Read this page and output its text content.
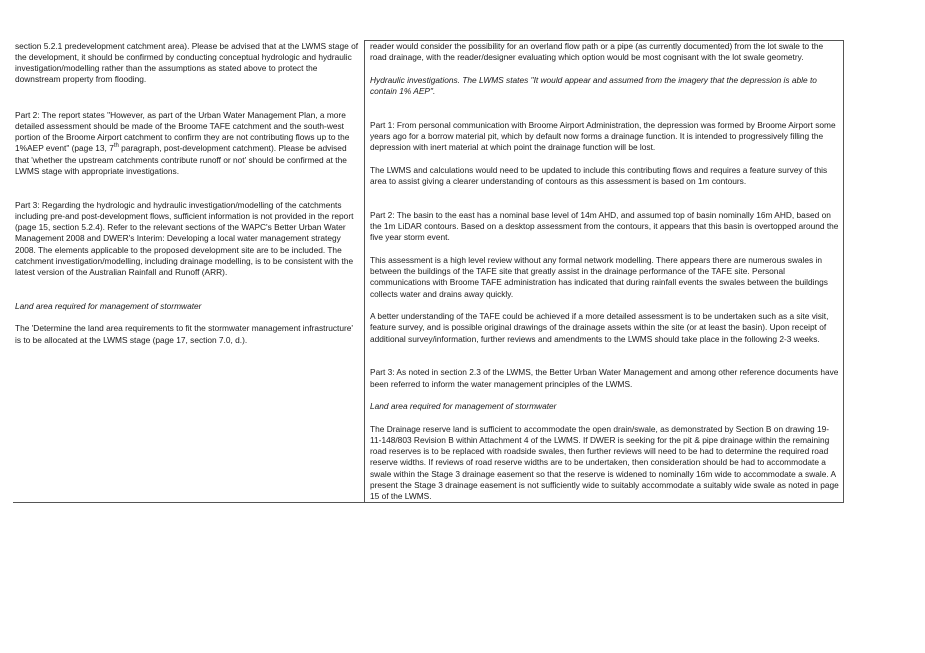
section 5.2.1 predevelopment catchment area). Please be advised that at the LWMS stage of the development, it should be confirmed by conducting conceptual hydrologic and hydraulic investigation/modelling rather than the assumptions as stated above to protect the downstream property from flooding.

Part 2: The report states "However, as part of the Urban Water Management Plan, a more detailed assessment should be made of the Broome TAFE catchment and the south-west portion of the Broome Airport catchment to confirm they are not contributing flows up to the 1%AEP event" (page 13, 7th paragraph, post-development catchment). Please be advised that 'whether the upstream catchments contribute runoff or not' should be confirmed at the LWMS stage with appropriate investigations.

Part 3: Regarding the hydrologic and hydraulic investigation/modelling of the catchments including pre-and post-development flows, sufficient information is not provided in the report (page 15, section 5.2.4). Refer to the relevant sections of the WAPC's Better Urban Water Management 2008 and DWER's Interim: Developing a local water management strategy 2008. The elements applicable to the proposed development site are to be included. The catchment investigation/modelling, including drainage modelling, is to be consistent with the latest version of the Australian Rainfall and Runoff (ARR).

Land area required for management of stormwater

The 'Determine the land area requirements to fit the stormwater management infrastructure' is to be allocated at the LWMS stage (page 17, section 7.0, d.).

reader would consider the possibility for an overland flow path or a pipe (as currently documented) from the lot swale to the road drainage, with the reader/designer evaluating which option would be most cognisant with the lot swale geometry.

Hydraulic investigations. The LWMS states "It would appear and assumed from the imagery that the depression is able to contain 1% AEP".

Part 1: From personal communication with Broome Airport Administration, the depression was formed by Broome Airport some years ago for a borrow material pit, which by default now forms a drainage function. It is intended to progressively filling the depression with inert material at which point the drainage function will be lost.

The LWMS and calculations would need to be updated to include this contributing flows and requires a feature survey of this area to assist giving a clearer understanding of contours as this assessment is based on 1m contours.

Part 2: The basin to the east has a nominal base level of 14m AHD, and assumed top of basin nominally 16m AHD, based on the 1m LiDAR contours. Based on a desktop assessment from the contours, it appears that this basin is overtopped around the five year storm event.

This assessment is a high level review without any formal network modelling. There appears there are numerous swales in between the buildings of the TAFE site that greatly assist in the drainage performance of the TAFE site. Personal communications with Broome TAFE administration has indicated that during rainfall events the swales between the buildings collects water and drains away quickly.

A better understanding of the TAFE could be achieved if a more detailed assessment is to be undertaken such as a site visit, feature survey, and is possible original drawings of the drainage assets within the site (or at least the basin). Upon receipt of additional survey/information, further reviews and amendments to the LWMS should take place in the following 2-3 weeks.

Part 3: As noted in section 2.3 of the LWMS, the Better Urban Water Management and among other reference documents have been referred to inform the water management principles of the LWMS.

Land area required for management of stormwater

The Drainage reserve land is sufficient to accommodate the open drain/swale, as demonstrated by Section B on drawing 19-11-148/803 Revision B within Attachment 4 of the LWMS. If DWER is seeking for the pit & pipe drainage within the remaining road reserves is to be replaced with roadside swales, then further reviews will need to be had to determine the required road reserve widths. If reviews of road reserve widths are to be undertaken, then consideration should be had to accommodate a swale within the Stage 3 drainage easement so that the reserve is widened to nominally 16m wide to accommodate a swale. A present the Stage 3 drainage easement is not sufficiently wide to suitably accommodate a suitably wide swale as noted in page 15 of the LWMS.
